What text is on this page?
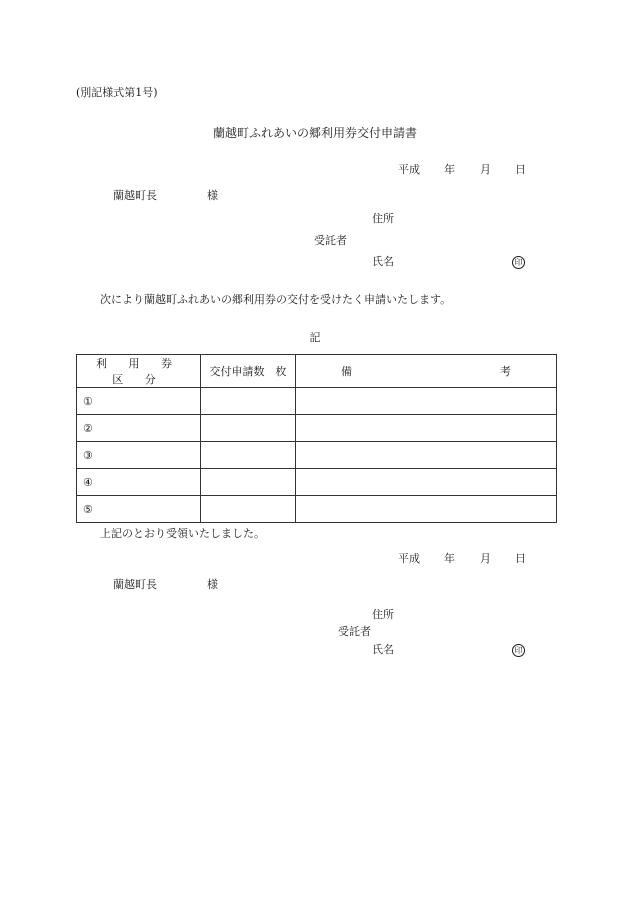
(別記様式第1号)
蘭越町ふれあいの郷利用券交付申請書
平成 年 月 日
蘭越町長	様
住所
受託者
氏名	印
次により蘭越町ふれあいの郷利用券の交付を受けたく申請いたします。
記
利 用 券 区 分	交付申請数　枚	備 考
①		
②		
③		
④		
⑤		
上記のとおり受領いたしました。
平成 年 月 日
蘭越町長	様
住所
受託者
氏名	印
